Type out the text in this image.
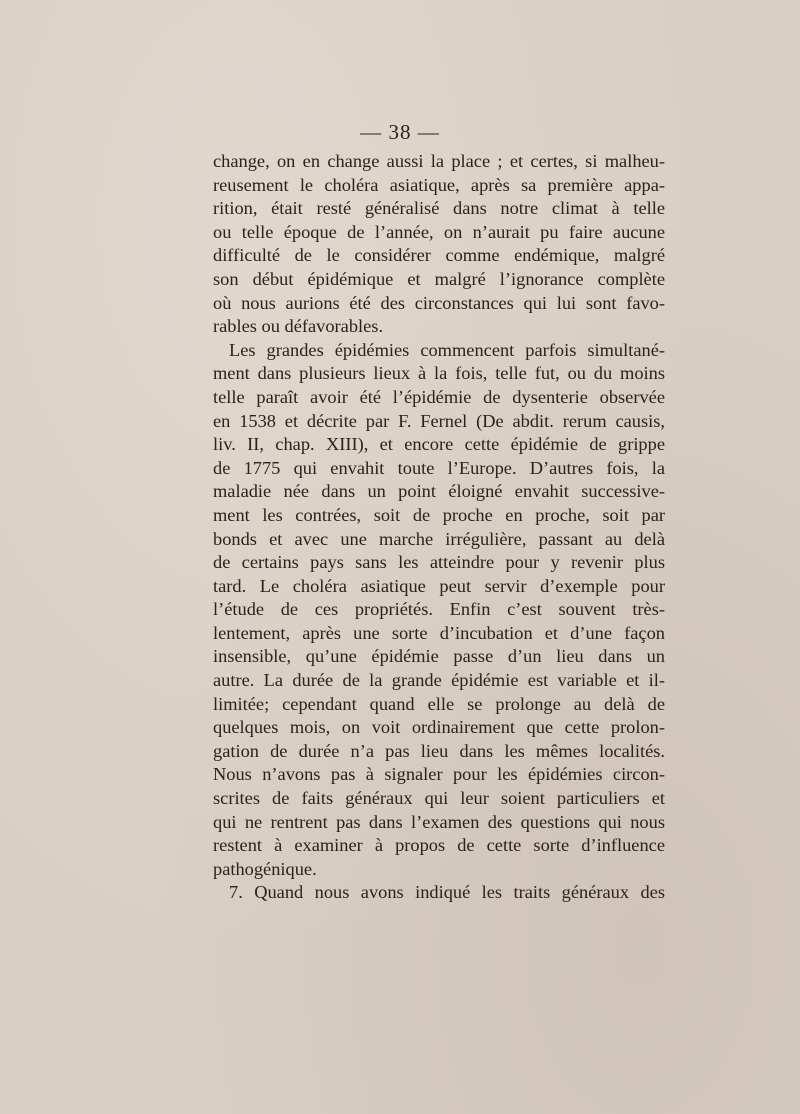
— 38 —
change, on en change aussi la place ; et certes, si malheu-
reusement le choléra asiatique, après sa première appa-
rition, était resté généralisé dans notre climat à telle
ou telle époque de l’année, on n’aurait pu faire aucune
difficulté de le considérer comme endémique, malgré
son début épidémique et malgré l’ignorance complète
où nous aurions été des circonstances qui lui sont favo-
rables ou défavorables.
Les grandes épidémies commencent parfois simultané-
ment dans plusieurs lieux à la fois, telle fut, ou du moins
telle paraît avoir été l’épidémie de dysenterie observée
en 1538 et décrite par F. Fernel (De abdit. rerum causis,
liv. II, chap. XIII), et encore cette épidémie de grippe
de 1775 qui envahit toute l’Europe. D’autres fois, la
maladie née dans un point éloigné envahit successive-
ment les contrées, soit de proche en proche, soit par
bonds et avec une marche irrégulière, passant au delà
de certains pays sans les atteindre pour y revenir plus
tard. Le choléra asiatique peut servir d’exemple pour
l’étude de ces propriétés. Enfin c’est souvent très-
lentement, après une sorte d’incubation et d’une façon
insensible, qu’une épidémie passe d’un lieu dans un
autre. La durée de la grande épidémie est variable et il-
limitée; cependant quand elle se prolonge au delà de
quelques mois, on voit ordinairement que cette prolon-
gation de durée n’a pas lieu dans les mêmes localités.
Nous n’avons pas à signaler pour les épidémies circon-
scrites de faits généraux qui leur soient particuliers et
qui ne rentrent pas dans l’examen des questions qui nous
restent à examiner à propos de cette sorte d’influence
pathogénique.
7. Quand nous avons indiqué les traits généraux des
